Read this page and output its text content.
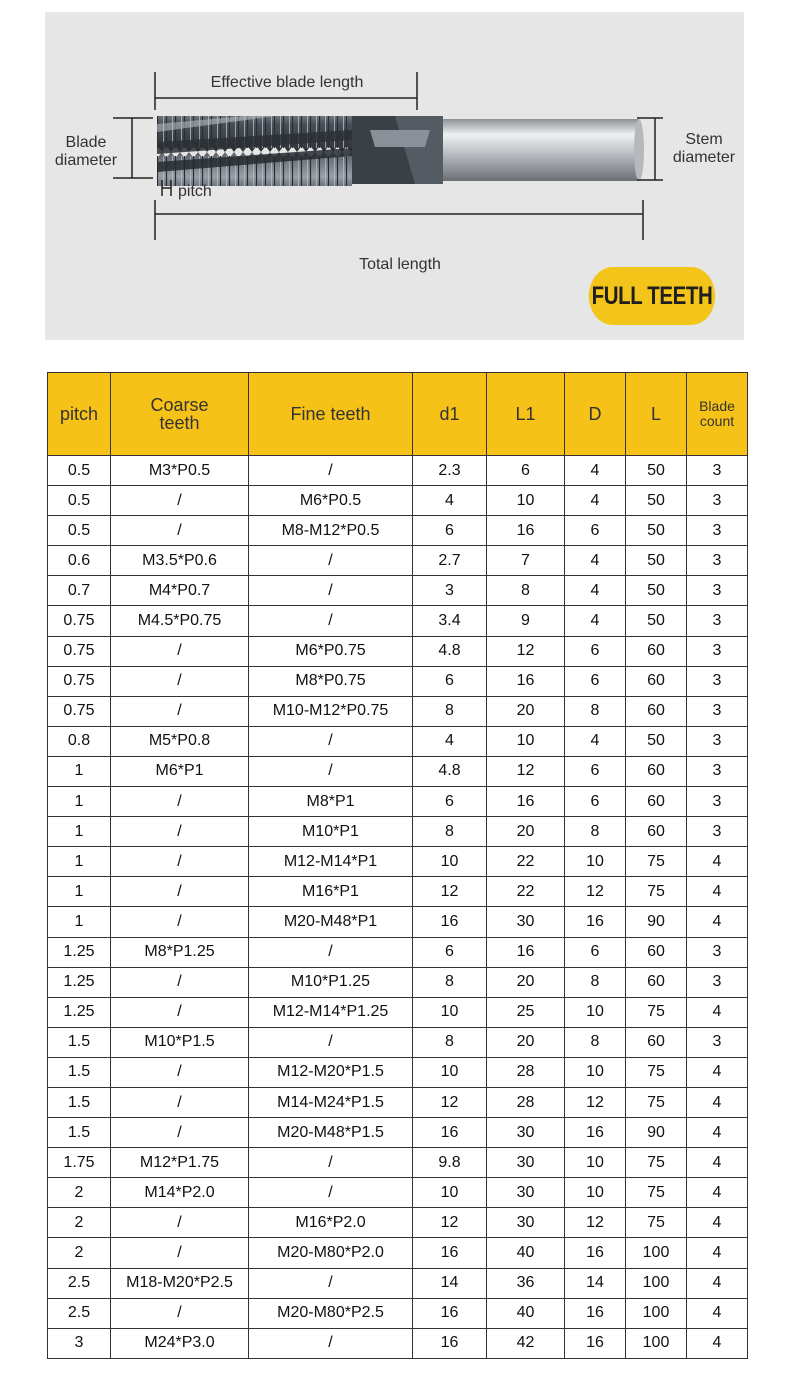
Effective blade length
Blade
diameter
Stem
diameter
pitch
Total length
FULL TEETH
pitch	Coarse teeth	Fine teeth	d1	L1	D	L	Blade count
0.5	M3*P0.5	/	2.3	6	4	50	3
0.5	/	M6*P0.5	4	10	4	50	3
0.5	/	M8-M12*P0.5	6	16	6	50	3
0.6	M3.5*P0.6	/	2.7	7	4	50	3
0.7	M4*P0.7	/	3	8	4	50	3
0.75	M4.5*P0.75	/	3.4	9	4	50	3
0.75	/	M6*P0.75	4.8	12	6	60	3
0.75	/	M8*P0.75	6	16	6	60	3
0.75	/	M10-M12*P0.75	8	20	8	60	3
0.8	M5*P0.8	/	4	10	4	50	3
1	M6*P1	/	4.8	12	6	60	3
1	/	M8*P1	6	16	6	60	3
1	/	M10*P1	8	20	8	60	3
1	/	M12-M14*P1	10	22	10	75	4
1	/	M16*P1	12	22	12	75	4
1	/	M20-M48*P1	16	30	16	90	4
1.25	M8*P1.25	/	6	16	6	60	3
1.25	/	M10*P1.25	8	20	8	60	3
1.25	/	M12-M14*P1.25	10	25	10	75	4
1.5	M10*P1.5	/	8	20	8	60	3
1.5	/	M12-M20*P1.5	10	28	10	75	4
1.5	/	M14-M24*P1.5	12	28	12	75	4
1.5	/	M20-M48*P1.5	16	30	16	90	4
1.75	M12*P1.75	/	9.8	30	10	75	4
2	M14*P2.0	/	10	30	10	75	4
2	/	M16*P2.0	12	30	12	75	4
2	/	M20-M80*P2.0	16	40	16	100	4
2.5	M18-M20*P2.5	/	14	36	14	100	4
2.5	/	M20-M80*P2.5	16	40	16	100	4
3	M24*P3.0	/	16	42	16	100	4
